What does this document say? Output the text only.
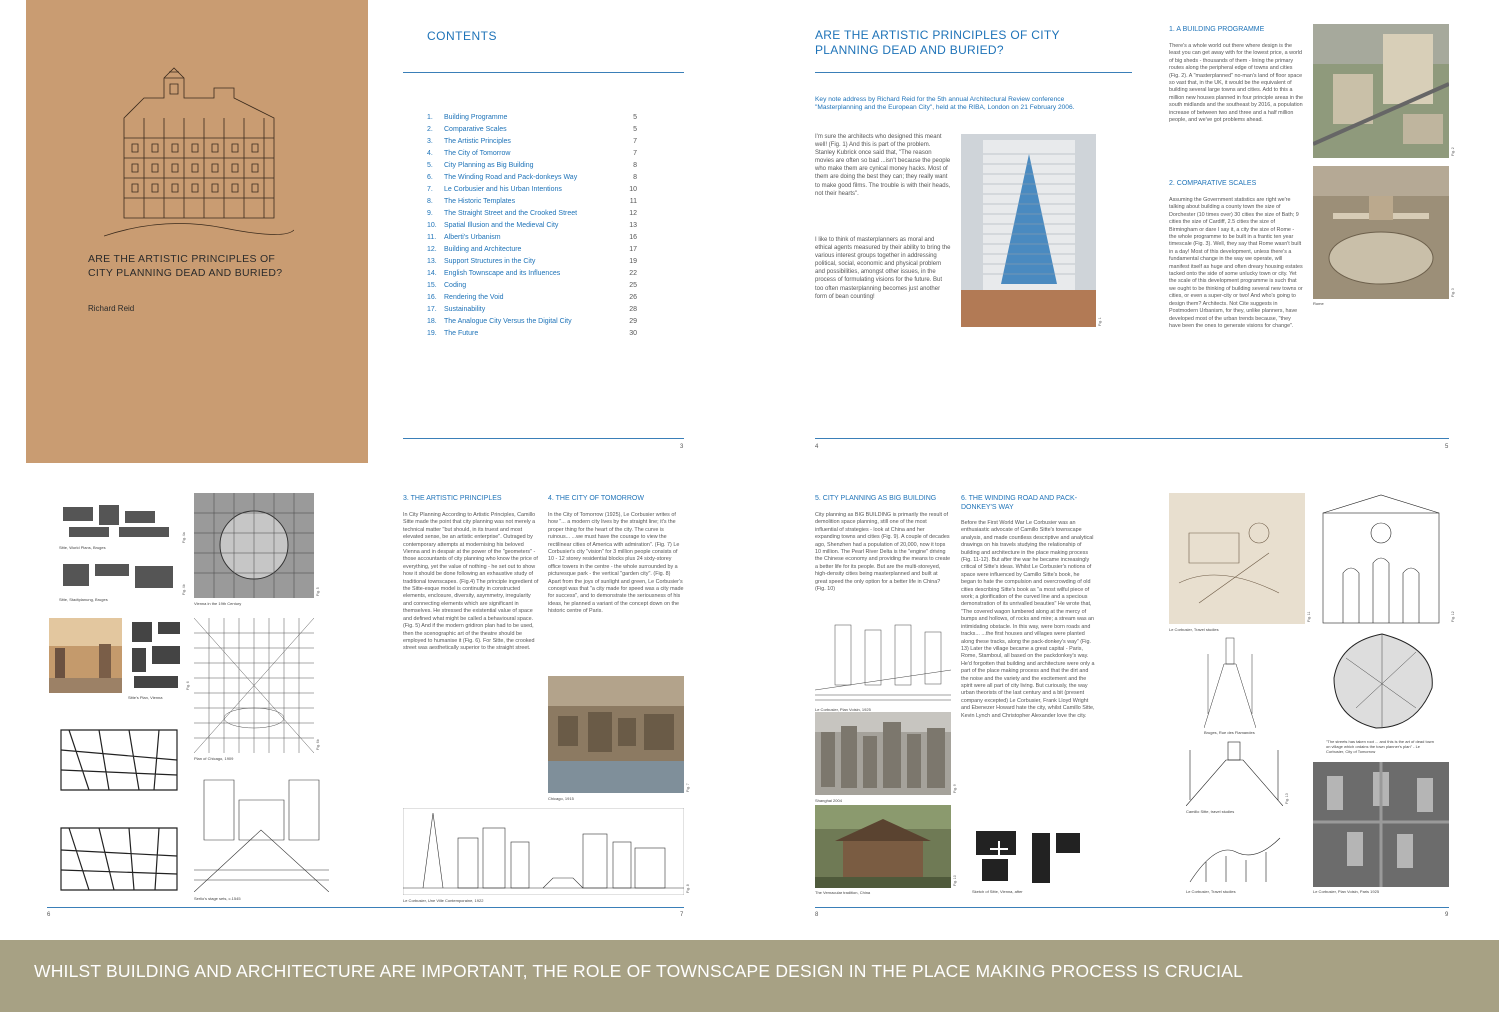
ARE THE ARTISTIC PRINCIPLES OF
CITY PLANNING DEAD AND BURIED?
Richard Reid
CONTENTS
1.	Building Programme	5
2.	Comparative Scales	5
3.	The Artistic Principles	7
4.	The City of Tomorrow	7
5.	City Planning as Big Building	8
6.	The Winding Road and Pack-donkeys Way	8
7.	Le Corbusier and his Urban Intentions	10
8.	The Historic Templates	11
9.	The Straight Street and the Crooked Street	12
10.	Spatial Illusion and the Medieval City	13
11.	Alberti's Urbanism	16
12.	Building and Architecture	17
13.	Support Structures in the City	19
14.	English Townscape and its Influences	22
15.	Coding	25
16.	Rendering the Void	26
17.	Sustainability	28
18.	The Analogue City Versus the Digital City	29
19.	The Future	30
3
ARE THE ARTISTIC PRINCIPLES OF CITY PLANNING DEAD AND BURIED?
Key note address by Richard Reid for the 5th annual Architectural Review conference "Masterplanning and the European City", held at the RIBA, London on 21 February 2006.
I'm sure the architects who designed this meant well! (Fig. 1) And this is part of the problem. Stanley Kubrick once said that, "The reason movies are often so bad ...isn't because the people who make them are cynical money hacks. Most of them are doing the best they can; they really want to make good films. The trouble is with their heads, not their hearts".
I like to think of masterplanners as moral and ethical agents measured by their ability to bring the various interest groups together in addressing political, social, economic and physical problem and possibilities, amongst other issues, in the process of formulating visions for the future. But too often masterplanning becomes just another form of bean counting!
Fig. 1
1. A BUILDING PROGRAMME
There's a whole world out there where design is the least you can get away with for the lowest price, a world of big sheds - thousands of them - lining the primary routes along the peripheral edge of towns and cities (Fig. 2). A "masterplanned" no-man's land of floor space so vast that, in the UK, it would be the equivalent of building several large towns and cities. Add to this a million new houses planned in four principle areas in the south midlands and the southeast by 2016, a population increase of between two and three and a half million people, and we've got problems ahead.
2. COMPARATIVE SCALES
Assuming the Government statistics are right we're talking about building a county town the size of Dorchester (10 times over) 30 cities the size of Bath; 9 cities the size of Cardiff, 2.5 cities the size of Birmingham or dare I say it, a city the size of Rome - the whole programme to be built in a frantic ten year timescale (Fig. 3). Well, they say that Rome wasn't built in a day! Most of this development, unless there's a fundamental change in the way we operate, will manifest itself as huge and often dreary housing estates tacked onto the side of some unlucky town or city. Yet the scale of this development programme is such that we ought to be thinking of building several new towns or cities, or even a super-city or two! And who's going to design them? Architects. Not Cite suggests in Postmodern Urbanism, for they, unlike planners, have developed most of the urban trends because, "they have been the ones to generate visions for change".
Fig. 2
Rome
Fig. 3
4	5
Sitte, World Plans, Bruges
Sitte, Stadtplanung, Bruges
Vienna in the 19th Century
Sitte's Plan, Vienna
Plan of Chicago, 1909
Serlio's stage sets, c.1545
3. THE ARTISTIC PRINCIPLES
In City Planning According to Artistic Principles, Camillo Sitte made the point that city planning was not merely a technical matter "but should, in its truest and most elevated sense, be an artistic enterprise". Outraged by contemporary attempts at modernising his beloved Vienna and in despair at the power of the "geometers" - those accountants of city planning who know the price of everything, yet the value of nothing - he set out to show how it should be done following an exhaustive study of traditional townscapes. (Fig.4) The principle ingredient of the Sitte-esque model is continuity in constructed elements, enclosure, diversity, asymmetry, irregularity and connecting elements which are significant in themselves. He stressed the existential value of space and defined what might be called a behavioural space. (Fig. 5) And if the modern gridiron plan had to be used, then the scenographic art of the theatre should be employed to humanise it (Fig. 6). For Sitte, the crooked street was aesthetically superior to the straight street.
4. THE CITY OF TOMORROW
In the City of Tomorrow (1925), Le Corbusier writes of how "... a modern city lives by the straight line; it's the proper thing for the heart of the city. The curve is ruinous... ...we must have the courage to view the rectilinear cities of America with admiration". (Fig. 7) Le Corbusier's city "vision" for 3 million people consists of 10 - 12 storey residential blocks plus 24 sixty-storey office towers in the centre - the whole surrounded by a picturesque park - the vertical "garden city". (Fig. 8) Apart from the joys of sunlight and green, Le Corbusier's concept was that "a city made for speed was a city made for success", and to demonstrate the seriousness of his ideas, he planned a variant of the concept down on the historic centre of Paris.
Chicago, 1915
Le Corbusier, Une Ville Contemporaine, 1922
6	7
5. CITY PLANNING AS BIG BUILDING
City planning as BIG BUILDING is primarily the result of demolition space planning, still one of the most influential of strategies - look at China and her expanding towns and cities (Fig. 9). A couple of decades ago, Shenzhen had a population of 20,000, now it tops 10 million. The Pearl River Delta is the "engine" driving the Chinese economy and providing the means to create a better life for its people. But are the multi-storeyed, high-density cities being masterplanned and built at great speed the only option for a better life in China? (Fig. 10)
6. THE WINDING ROAD AND PACK-DONKEY'S WAY
Before the First World War Le Corbusier was an enthusiastic advocate of Camillo Sitte's townscape analysis, and made countless descriptive and analytical drawings on his travels studying the relationship of building and architecture in the place making process (Fig. 11-12). But after the war he became increasingly critical of Sitte's ideas. Whilst Le Corbusier's notions of space were influenced by Camillo Sitte's book, he began to hate the compulsion and overcrowding of old cities describing Sitte's book as "a most wilful piece of work; a glorification of the curved line and a specious demonstration of its unrivalled beauties" He wrote that, "The covered wagon lumbered along at the mercy of bumps and hollows, of rocks and mire; a stream was an intimidating obstacle. In this way, were born roads and tracks... ...the first houses and villages were planted along these tracks, along the pack-donkey's way" (Fig. 13) Later the village became a great capital - Paris, Rome, Stamboul, all based on the packdonkey's way. He'd forgotten that building and architecture were only a part of the place making process and that the dirt and the noise and the variety and the excitement and the spirit were all part of city living. But curiously, the way urban theorists of the last century and a bit (present company excepted) Le Corbusier, Frank Lloyd Wright and Ebenezer Howard hate the city, whilst Camillo Sitte, Kevin Lynch and Christopher Alexander love the city.
Le Corbusier, Plan Voisin, 1925
Shanghai 2004
The Vernacular tradition, China	Sketch of Sitte, Vienna, after
Le Corbusier, Travel studies
Bruges, Rue des Flamandes
"The streets has taken root ... and this is the art of dead town on village which ordains the town planner's plan" - Le Corbusier, City of Tomorrow
Camillo Sitte, travel studies
Le Corbusier, Travel studies	Le Corbusier, Plan Voisin, Paris 1925
8	9
Fig. 4a
Fig. 4b	Fig. 5
Fig. 6
Fig. 6b
Fig. 7
Fig. 8
Fig. 9
Fig. 10
Fig. 11	Fig. 12
Fig. 13
WHILST BUILDING AND ARCHITECTURE ARE IMPORTANT, THE ROLE OF TOWNSCAPE DESIGN IN THE PLACE MAKING PROCESS IS CRUCIAL
